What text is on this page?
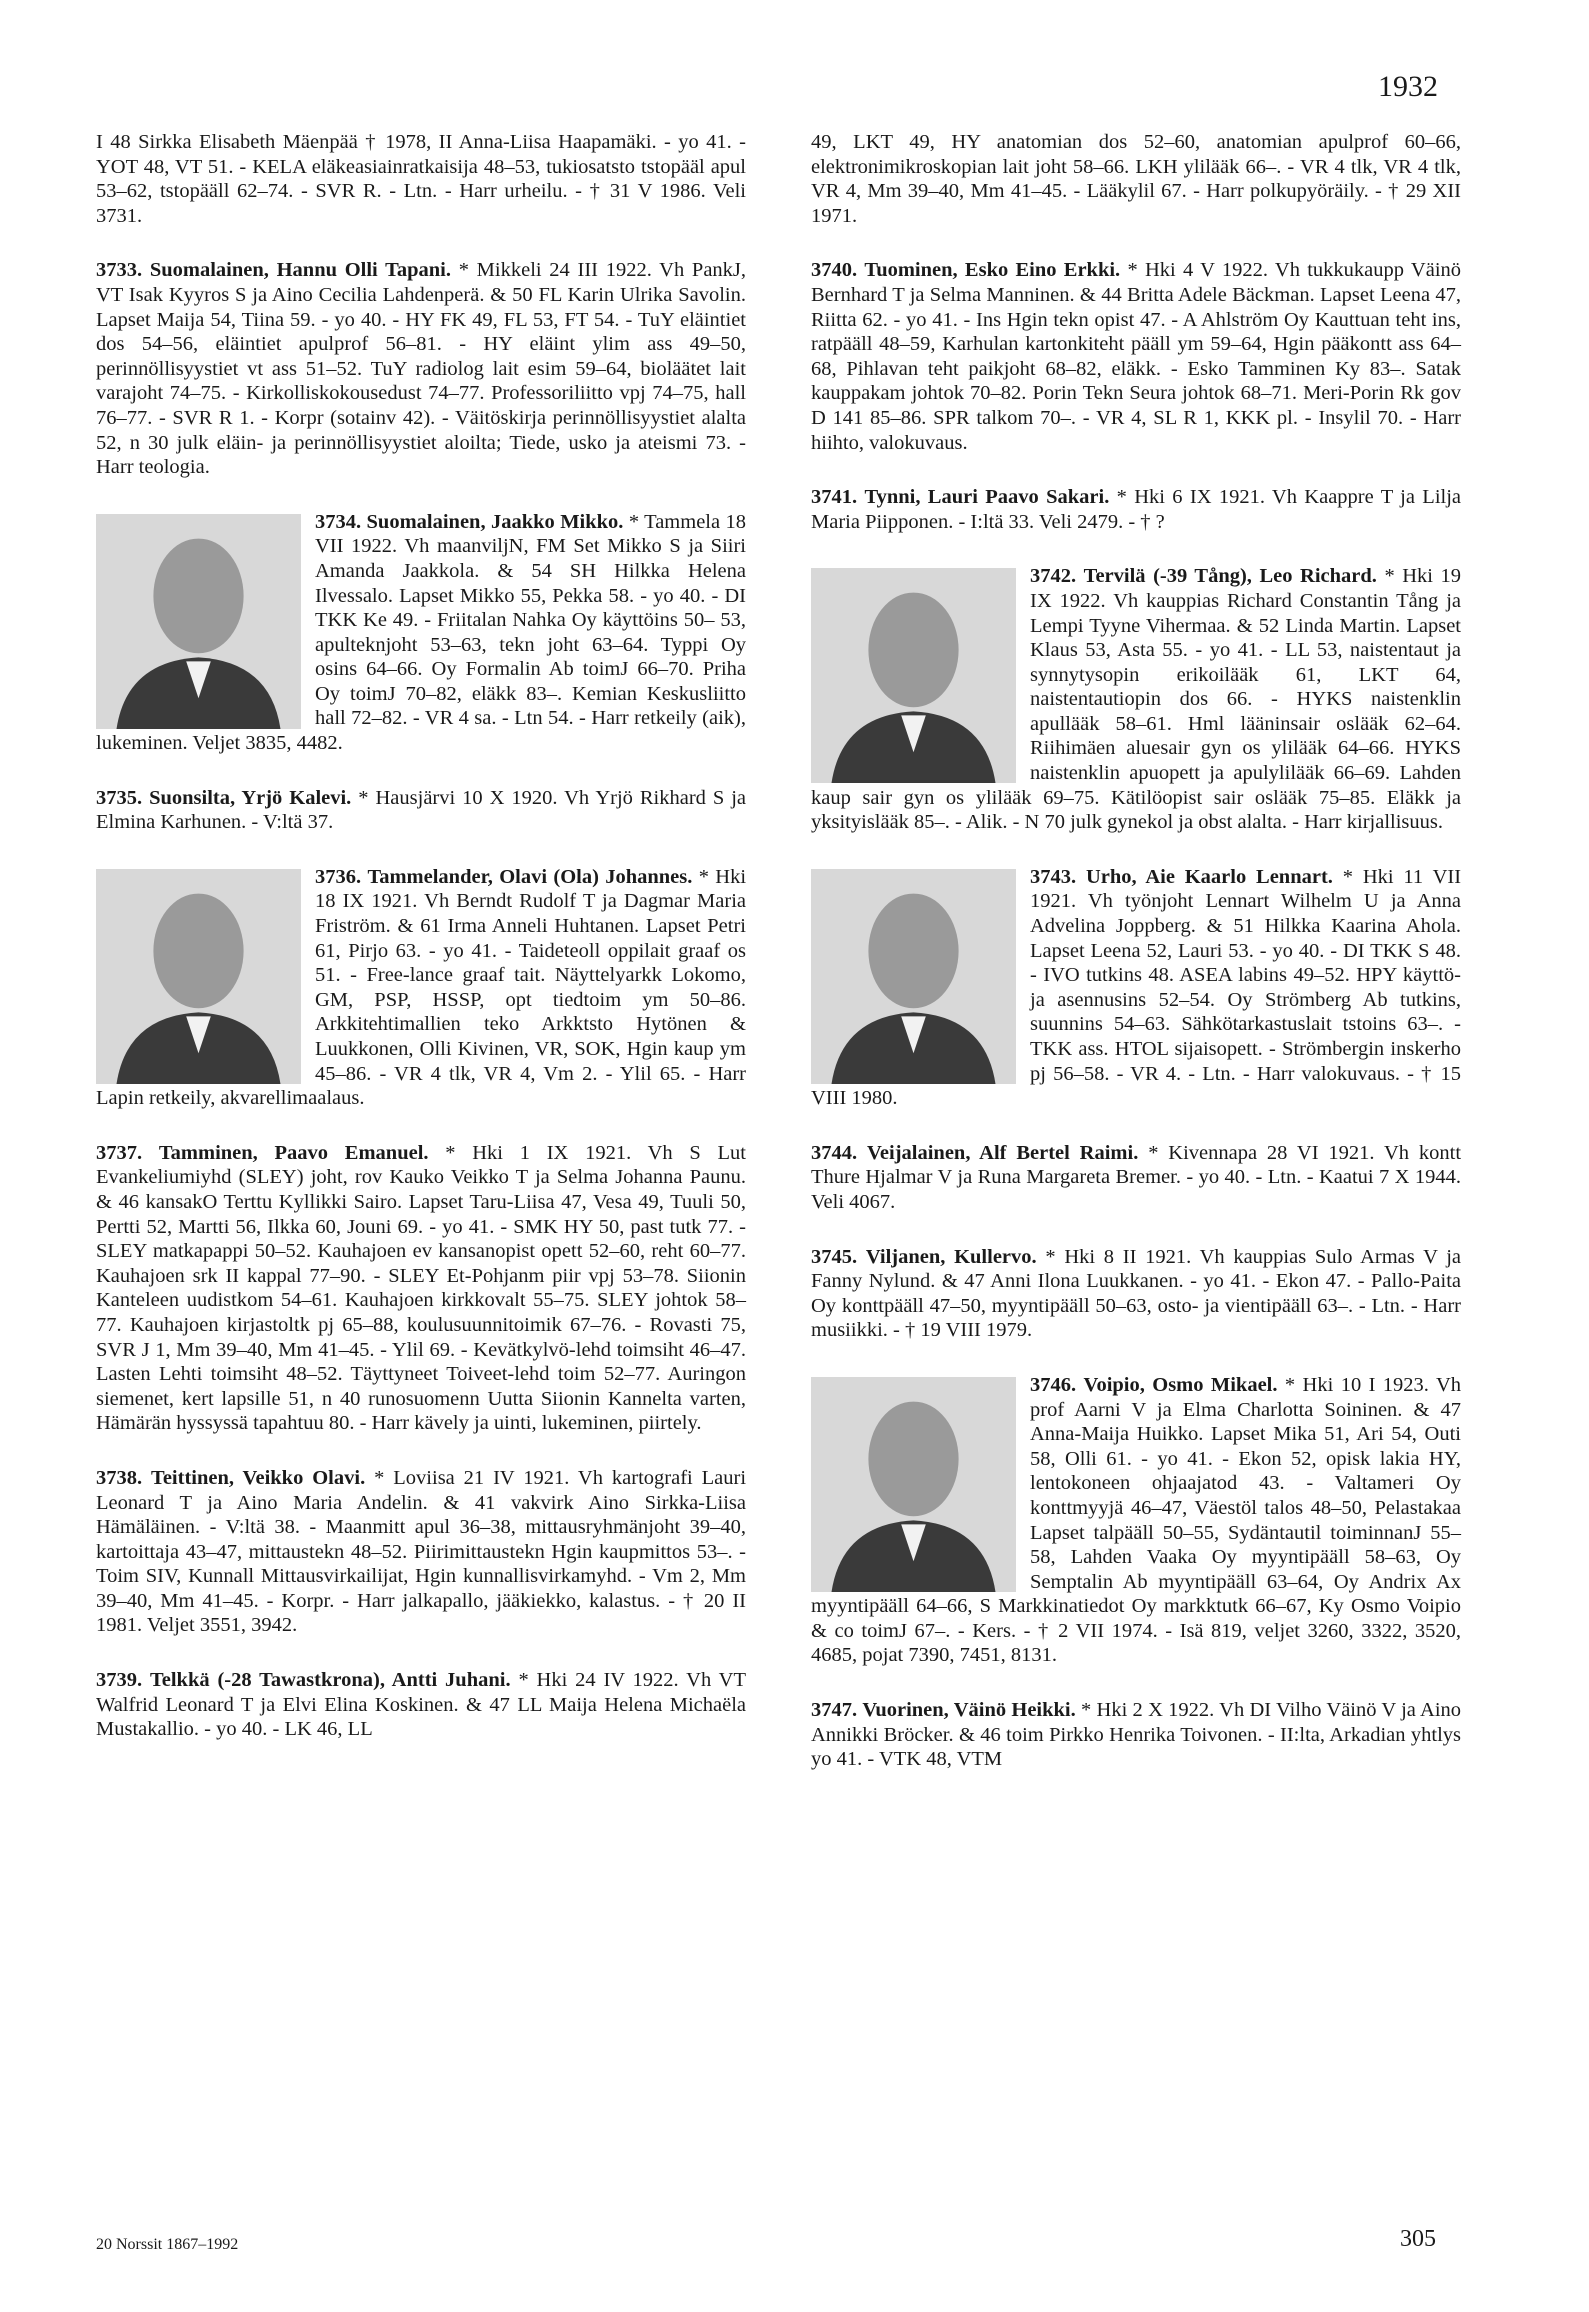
1932

I 48 Sirkka Elisabeth Mäenpää † 1978, II Anna-Liisa Haapamäki. - yo 41. - YOT 48, VT 51. - KELA eläkeasiainratkaisija 48–53, tukiosatsto tstopääl apul 53–62, tstopääll 62–74. - SVR R. - Ltn. - Harr urheilu. - † 31 V 1986. Veli 3731.

3733. Suomalainen, Hannu Olli Tapani. * Mikkeli 24 III 1922. Vh PankJ, VT Isak Kyyros S ja Aino Cecilia Lahdenperä. & 50 FL Karin Ulrika Savolin. Lapset Maija 54, Tiina 59. - yo 40. - HY FK 49, FL 53, FT 54. - TuY eläintiet dos 54–56, eläintiet apulprof 56–81. - HY eläint ylim ass 49–50, perinnöllisyystiet vt ass 51–52. TuY radiolog lait esim 59–64, bioläätet lait varajoht 74–75. - Kirkolliskokousedust 74–77. Professoriliitto vpj 74–75, hall 76–77. - SVR R 1. - Korpr (sotainv 42). - Väitöskirja perinnöllisyystiet alalta 52, n 30 julk eläin- ja perinnöllisyystiet aloilta; Tiede, usko ja ateismi 73. - Harr teologia.

3734. Suomalainen, Jaakko Mikko. * Tammela 18 VII 1922. Vh maanviljN, FM Set Mikko S ja Siiri Amanda Jaakkola. & 54 SH Hilkka Helena Ilvessalo. Lapset Mikko 55, Pekka 58. - yo 40. - DI TKK Ke 49. - Friitalan Nahka Oy käyttöins 50– 53, apulteknjoht 53–63, tekn joht 63–64. Typpi Oy osins 64–66. Oy Formalin Ab toimJ 66–70. Priha Oy toimJ 70–82, eläkk 83–. Kemian Keskusliitto hall 72–82. - VR 4 sa. - Ltn 54. - Harr retkeily (aik), lukeminen. Veljet 3835, 4482.

3735. Suonsilta, Yrjö Kalevi. * Hausjärvi 10 X 1920. Vh Yrjö Rikhard S ja Elmina Karhunen. - V:ltä 37.

3736. Tammelander, Olavi (Ola) Johannes. * Hki 18 IX 1921. Vh Berndt Rudolf T ja Dagmar Maria Friström. & 61 Irma Anneli Huhtanen. Lapset Petri 61, Pirjo 63. - yo 41. - Taideteoll oppilait graaf os 51. - Free-lance graaf tait. Näyttelyarkk Lokomo, GM, PSP, HSSP, opt tiedtoim ym 50–86. Arkkitehtimallien teko Arkktsto Hytönen & Luukkonen, Olli Kivinen, VR, SOK, Hgin kaup ym 45–86. - VR 4 tlk, VR 4, Vm 2. - Ylil 65. - Harr Lapin retkeily, akvarellimaalaus.

3737. Tamminen, Paavo Emanuel. * Hki 1 IX 1921. Vh S Lut Evankeliumiyhd (SLEY) joht, rov Kauko Veikko T ja Selma Johanna Paunu. & 46 kansakO Terttu Kyllikki Sairo. Lapset Taru-Liisa 47, Vesa 49, Tuuli 50, Pertti 52, Martti 56, Ilkka 60, Jouni 69. - yo 41. - SMK HY 50, past tutk 77. - SLEY matkapappi 50–52. Kauhajoen ev kansanopist opett 52–60, reht 60–77. Kauhajoen srk II kappal 77–90. - SLEY Et-Pohjanm piir vpj 53–78. Siionin Kanteleen uudistkom 54–61. Kauhajoen kirkkovalt 55–75. SLEY johtok 58–77. Kauhajoen kirjastoltk pj 65–88, koulusuunnitoimik 67–76. - Rovasti 75, SVR J 1, Mm 39–40, Mm 41–45. - Ylil 69. - Kevätkylvö-lehd toimsiht 46–47. Lasten Lehti toimsiht 48–52. Täyttyneet Toiveet-lehd toim 52–77. Auringon siemenet, kert lapsille 51, n 40 runosuomenn Uutta Siionin Kannelta varten, Hämärän hyssyssä tapahtuu 80. - Harr kävely ja uinti, lukeminen, piirtely.

3738. Teittinen, Veikko Olavi. * Loviisa 21 IV 1921. Vh kartografi Lauri Leonard T ja Aino Maria Andelin. & 41 vakvirk Aino Sirkka-Liisa Hämäläinen. - V:ltä 38. - Maanmitt apul 36–38, mittausryhmänjoht 39–40, kartoittaja 43–47, mittaustekn 48–52. Piirimittaustekn Hgin kaupmittos 53–. - Toim SIV, Kunnall Mittausvirkailijat, Hgin kunnallisvirkamyhd. - Vm 2, Mm 39–40, Mm 41–45. - Korpr. - Harr jalkapallo, jääkiekko, kalastus. - † 20 II 1981. Veljet 3551, 3942.

3739. Telkkä (-28 Tawastkrona), Antti Juhani. * Hki 24 IV 1922. Vh VT Walfrid Leonard T ja Elvi Elina Koskinen. & 47 LL Maija Helena Michaëla Mustakallio. - yo 40. - LK 46, LL

49, LKT 49, HY anatomian dos 52–60, anatomian apulprof 60–66, elektronimikroskopian lait joht 58–66. LKH ylilääk 66–. - VR 4 tlk, VR 4 tlk, VR 4, Mm 39–40, Mm 41–45. - Lääkylil 67. - Harr polkupyöräily. - † 29 XII 1971.

3740. Tuominen, Esko Eino Erkki. * Hki 4 V 1922. Vh tukkukaupp Väinö Bernhard T ja Selma Manninen. & 44 Britta Adele Bäckman. Lapset Leena 47, Riitta 62. - yo 41. - Ins Hgin tekn opist 47. - A Ahlström Oy Kauttuan teht ins, ratpääll 48–59, Karhulan kartonkiteht pääll ym 59–64, Hgin pääkontt ass 64–68, Pihlavan teht paikjoht 68–82, eläkk. - Esko Tamminen Ky 83–. Satak kauppakam johtok 70–82. Porin Tekn Seura johtok 68–71. Meri-Porin Rk gov D 141 85–86. SPR talkom 70–. - VR 4, SL R 1, KKK pl. - Insylil 70. - Harr hiihto, valokuvaus.

3741. Tynni, Lauri Paavo Sakari. * Hki 6 IX 1921. Vh Kaappre T ja Lilja Maria Piipponen. - I:ltä 33. Veli 2479. - † ?

3742. Tervilä (-39 Tång), Leo Richard. * Hki 19 IX 1922. Vh kauppias Richard Constantin Tång ja Lempi Tyyne Vihermaa. & 52 Linda Martin. Lapset Klaus 53, Asta 55. - yo 41. - LL 53, naistentaut ja synnytysopin erikoilääk 61, LKT 64, naistentautiopin dos 66. - HYKS naistenklin apullääk 58–61. Hml lääninsair oslääk 62–64. Riihimäen aluesair gyn os ylilääk 64–66. HYKS naistenklin apuopett ja apulylilääk 66–69. Lahden kaup sair gyn os ylilääk 69–75. Kätilöopist sair oslääk 75–85. Eläkk ja yksityislääk 85–. - Alik. - N 70 julk gynekol ja obst alalta. - Harr kirjallisuus.

3743. Urho, Aie Kaarlo Lennart. * Hki 11 VII 1921. Vh työnjoht Lennart Wilhelm U ja Anna Advelina Joppberg. & 51 Hilkka Kaarina Ahola. Lapset Leena 52, Lauri 53. - yo 40. - DI TKK S 48. - IVO tutkins 48. ASEA labins 49–52. HPY käyttö- ja asennusins 52–54. Oy Strömberg Ab tutkins, suunnins 54–63. Sähkötarkastuslait tstoins 63–. - TKK ass. HTOL sijaisopett. - Strömbergin inskerho pj 56–58. - VR 4. - Ltn. - Harr valokuvaus. - † 15 VIII 1980.

3744. Veijalainen, Alf Bertel Raimi. * Kivennapa 28 VI 1921. Vh kontt Thure Hjalmar V ja Runa Margareta Bremer. - yo 40. - Ltn. - Kaatui 7 X 1944. Veli 4067.

3745. Viljanen, Kullervo. * Hki 8 II 1921. Vh kauppias Sulo Armas V ja Fanny Nylund. & 47 Anni Ilona Luukkanen. - yo 41. - Ekon 47. - Pallo-Paita Oy konttpääll 47–50, myyntipääll 50–63, osto- ja vientipääll 63–. - Ltn. - Harr musiikki. - † 19 VIII 1979.

3746. Voipio, Osmo Mikael. * Hki 10 I 1923. Vh prof Aarni V ja Elma Charlotta Soininen. & 47 Anna-Maija Huikko. Lapset Mika 51, Ari 54, Outi 58, Olli 61. - yo 41. - Ekon 52, opisk lakia HY, lentokoneen ohjaajatod 43. - Valtameri Oy konttmyyjä 46–47, Väestöl talos 48–50, Pelastakaa Lapset talpääll 50–55, Sydäntautil toiminnanJ 55–58, Lahden Vaaka Oy myyntipääll 58–63, Oy Semptalin Ab myyntipääll 63–64, Oy Andrix Ax myyntipääll 64–66, S Markkinatiedot Oy markktutk 66–67, Ky Osmo Voipio & co toimJ 67–. - Kers. - † 2 VII 1974. - Isä 819, veljet 3260, 3322, 3520, 4685, pojat 7390, 7451, 8131.

3747. Vuorinen, Väinö Heikki. * Hki 2 X 1922. Vh DI Vilho Väinö V ja Aino Annikki Bröcker. & 46 toim Pirkko Henrika Toivonen. - II:lta, Arkadian yhtlys yo 41. - VTK 48, VTM

20 Norssit 1867–1992	305
